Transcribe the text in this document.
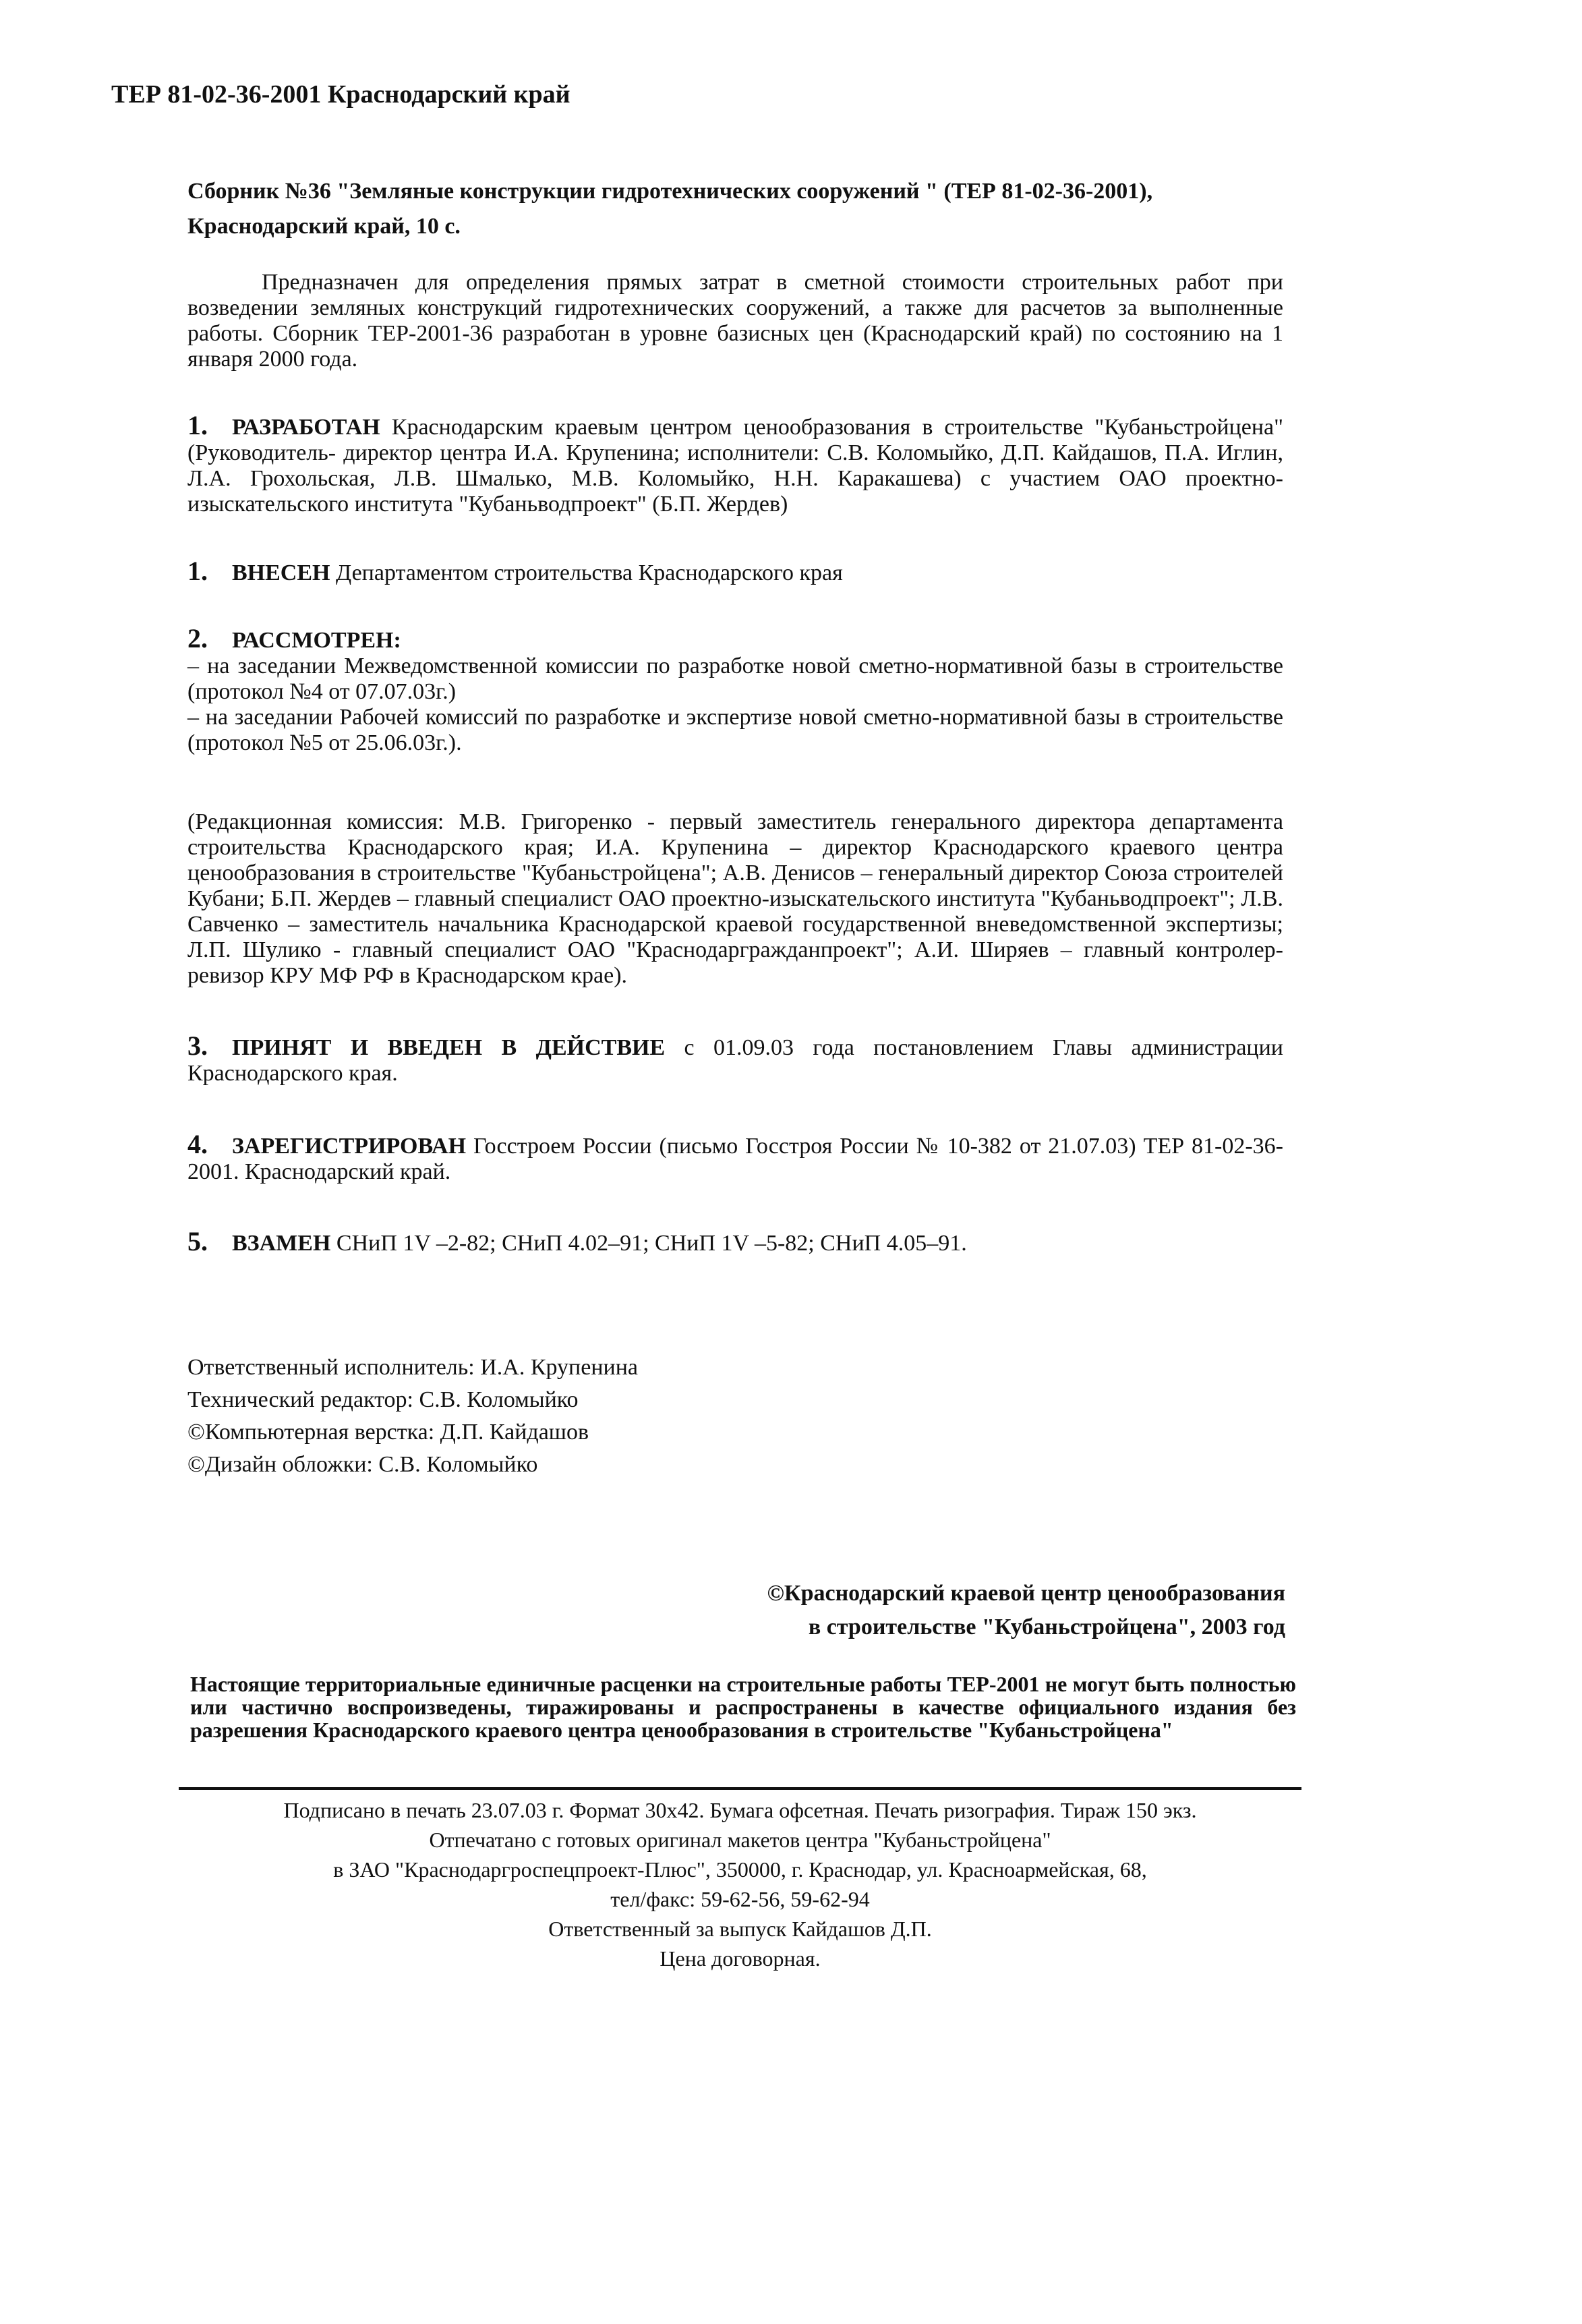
ТЕР 81-02-36-2001 Краснодарский край
Сборник №36 "Земляные конструкции гидротехнических сооружений " (ТЕР 81-02-36-2001),
Краснодарский край, 10 с.
Предназначен для определения прямых затрат в сметной стоимости строительных работ при возведении земляных конструкций гидротехнических сооружений, а также для расчетов за выполненные работы. Сборник ТЕР-2001-36 разработан в уровне базисных цен (Краснодарский край) по состоянию на 1 января 2000 года.
1. РАЗРАБОТАН Краснодарским краевым центром ценообразования в строительстве "Кубаньстройцена" (Руководитель- директор центра И.А. Крупенина; исполнители: С.В. Коломыйко, Д.П. Кайдашов, П.А. Иглин, Л.А. Грохольская, Л.В. Шмалько, М.В. Коломыйко, Н.Н. Каракашева) с участием ОАО проектно-изыскательского института "Кубаньводпроект" (Б.П. Жердев)
1. ВНЕСЕН Департаментом строительства Краснодарского края
2. РАССМОТРЕН:
– на заседании Межведомственной комиссии по разработке новой сметно-нормативной базы в строительстве (протокол №4 от 07.07.03г.)
– на заседании Рабочей комиссий по разработке и экспертизе новой сметно-нормативной базы в строительстве (протокол №5 от 25.06.03г.).
(Редакционная комиссия: М.В. Григоренко - первый заместитель генерального директора департамента строительства Краснодарского края; И.А. Крупенина – директор Краснодарского краевого центра ценообразования в строительстве "Кубаньстройцена"; А.В. Денисов – генеральный директор Союза строителей Кубани; Б.П. Жердев – главный специалист ОАО проектно-изыскательского института "Кубаньводпроект"; Л.В. Савченко – заместитель начальника Краснодарской краевой государственной вневедомственной экспертизы; Л.П. Шулико - главный специалист ОАО "Краснодаргражданпроект"; А.И. Ширяев – главный контролер-ревизор КРУ МФ РФ в Краснодарском крае).
3. ПРИНЯТ И ВВЕДЕН В ДЕЙСТВИЕ с 01.09.03 года постановлением Главы администрации Краснодарского края.
4. ЗАРЕГИСТРИРОВАН Госстроем России (письмо Госстроя России № 10-382 от 21.07.03) ТЕР 81-02-36-2001. Краснодарский край.
5. ВЗАМЕН СНиП 1V –2-82; СНиП 4.02–91; СНиП 1V –5-82; СНиП 4.05–91.
Ответственный исполнитель: И.А. Крупенина
Технический редактор: С.В. Коломыйко
©Компьютерная верстка: Д.П. Кайдашов
©Дизайн обложки: С.В. Коломыйко
©Краснодарский краевой центр ценообразования
в строительстве "Кубаньстройцена", 2003 год
Настоящие территориальные единичные расценки на строительные работы ТЕР-2001 не могут быть полностью или частично воспроизведены, тиражированы и распространены в качестве официального издания без разрешения Краснодарского краевого центра ценообразования в строительстве "Кубаньстройцена"
Подписано в печать 23.07.03 г. Формат 30х42. Бумага офсетная. Печать ризография. Тираж 150 экз.
Отпечатано с готовых оригинал макетов центра "Кубаньстройцена"
в ЗАО "Краснодаргроспецпроект-Плюс", 350000, г. Краснодар, ул. Красноармейская, 68,
тел/факс: 59-62-56, 59-62-94
Ответственный за выпуск Кайдашов Д.П.
Цена договорная.
